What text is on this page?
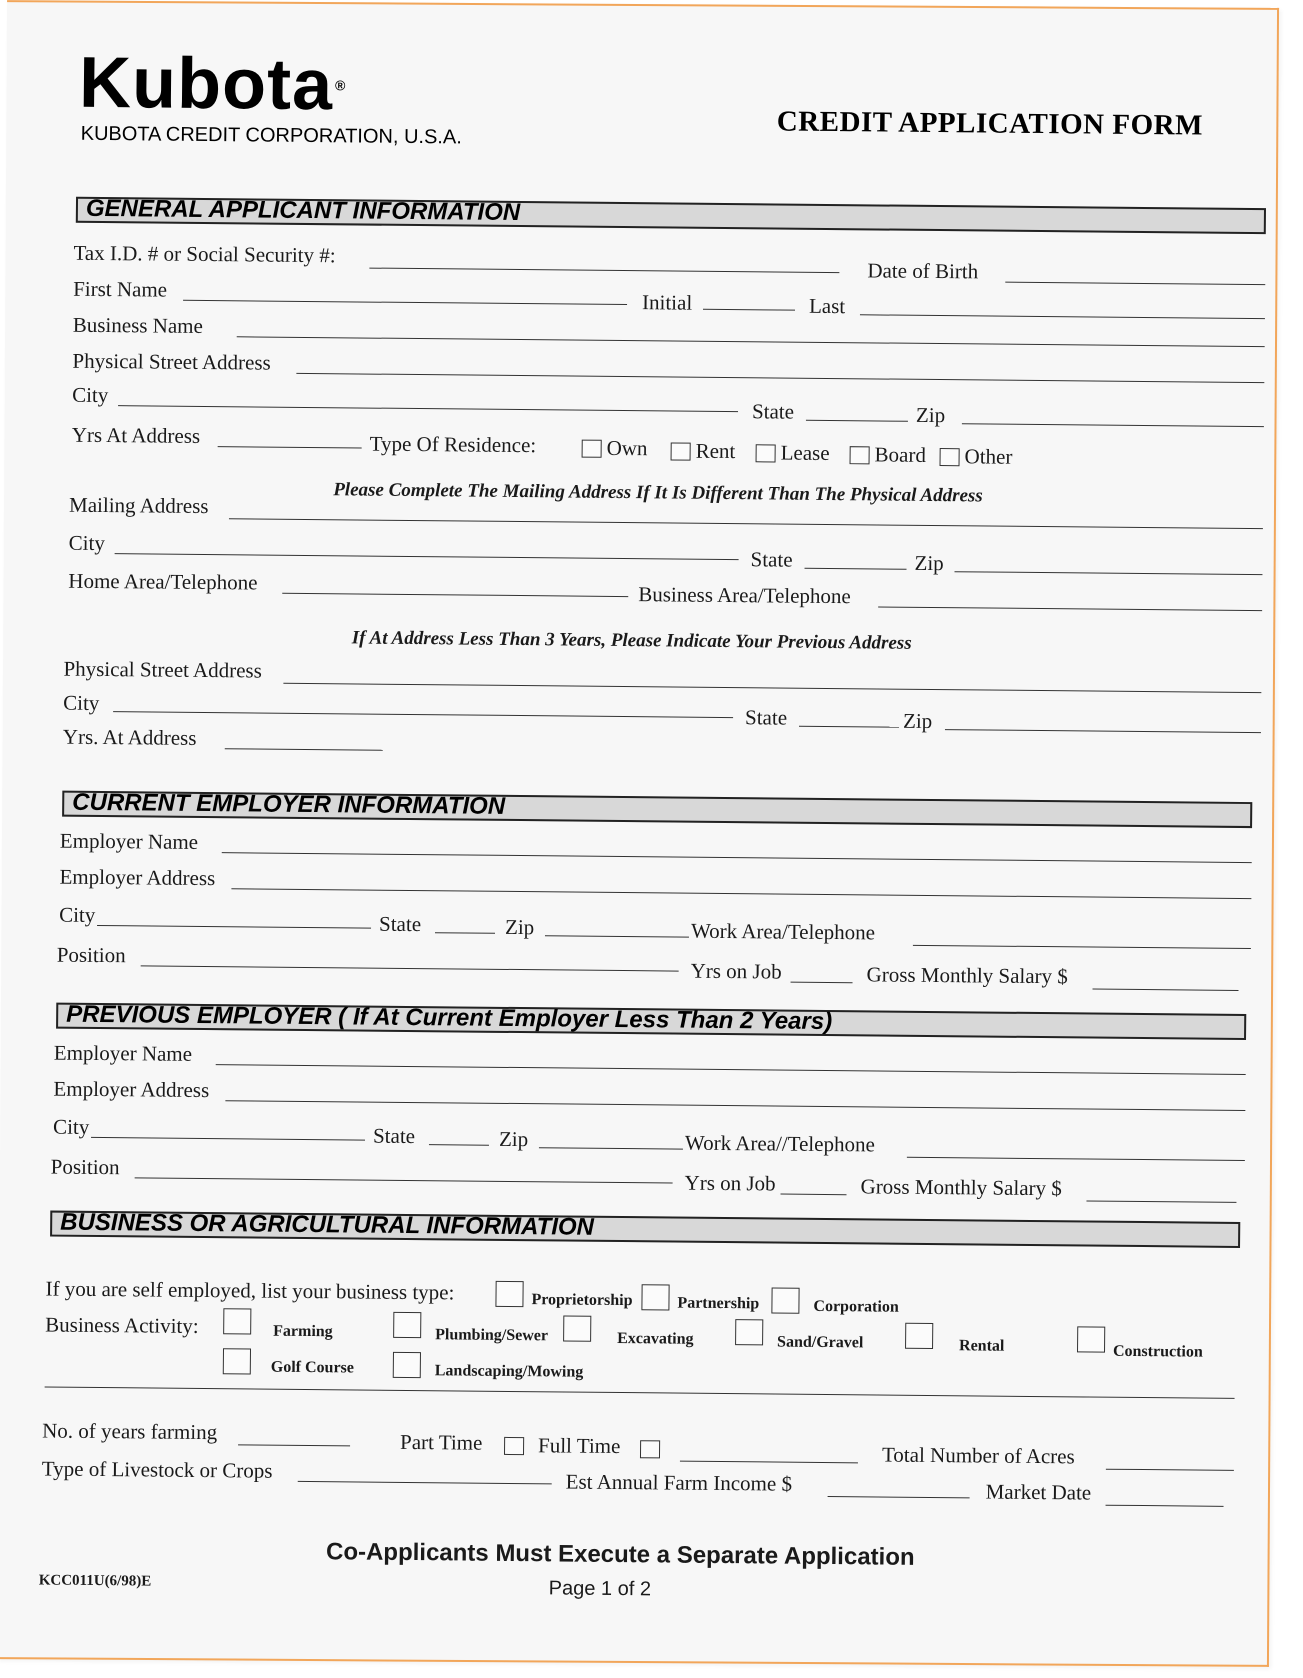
Kubota ®
KUBOTA CREDIT CORPORATION, U.S.A.	CREDIT APPLICATION FORM
GENERAL APPLICANT INFORMATION
Tax I.D. # or Social Security #:
Date of Birth
First Name
Initial	Last
Business Name
Physical Street Address
City
State	Zip
Yrs At Address	Type Of Residence:	Own Rent Lease Board Other
Please Complete The Mailing Address If It Is Different Than The Physical Address
Mailing Address
City
State	Zip
Home Area/Telephone
Business Area/Telephone
If At Address Less Than 3 Years, Please Indicate Your Previous Address
Physical Street Address
City
State	Zip
Yrs. At Address
CURRENT EMPLOYER INFORMATION
Employer Name
Employer Address
City	State	Zip	Work Area/Telephone
Position
Yrs on Job	Gross Monthly Salary $
PREVIOUS EMPLOYER ( If At Current Employer Less Than 2 Years)
Employer Name
Employer Address
City	State	Zip	Work Area//Telephone
Position
Yrs on Job	Gross Monthly Salary $
BUSINESS OR AGRICULTURAL INFORMATION
If you are self employed, list your business type:	Proprietorship	Partnership	Corporation
Business Activity:	Farming	Plumbing/Sewer	Excavating	Sand/Gravel	Rental	Construction
Golf Course	Landscaping/Mowing
No. of years farming	Part Time	Full Time	Total Number of Acres
Type of Livestock or Crops	Est Annual Farm Income $	Market Date
Co-Applicants Must Execute a Separate Application
Page 1 of 2
KCC011U(6/98)E
